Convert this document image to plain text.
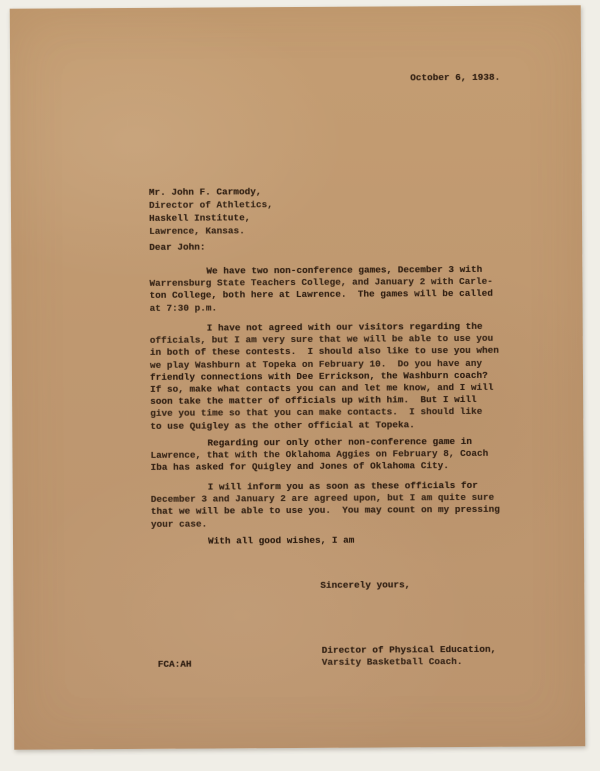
October 6, 1938.
Mr. John F. Carmody,
Director of Athletics,
Haskell Institute,
Lawrence, Kansas.
Dear John:
We have two non-conference games, December 3 with
Warrensburg State Teachers College, and January 2 with Carle-
ton College, both here at Lawrence.  The games will be called
at 7:30 p.m.
I have not agreed with our visitors regarding the
officials, but I am very sure that we will be able to use you
in both of these contests.  I should also like to use you when
we play Washburn at Topeka on February 10.  Do you have any
friendly connections with Dee Errickson, the Washburn coach?
If so, make what contacts you can and let me know, and I will
soon take the matter of officials up with him.  But I will
give you time so that you can make contacts.  I should like
to use Quigley as the other official at Topeka.
Regarding our only other non-conference game in
Lawrence, that with the Oklahoma Aggies on February 8, Coach
Iba has asked for Quigley and Jones of Oklahoma City.
I will inform you as soon as these officials for
December 3 and January 2 are agreed upon, but I am quite sure
that we will be able to use you.  You may count on my pressing
your case.
With all good wishes, I am
Sincerely yours,
Director of Physical Education,
Varsity Basketball Coach.
FCA:AH
